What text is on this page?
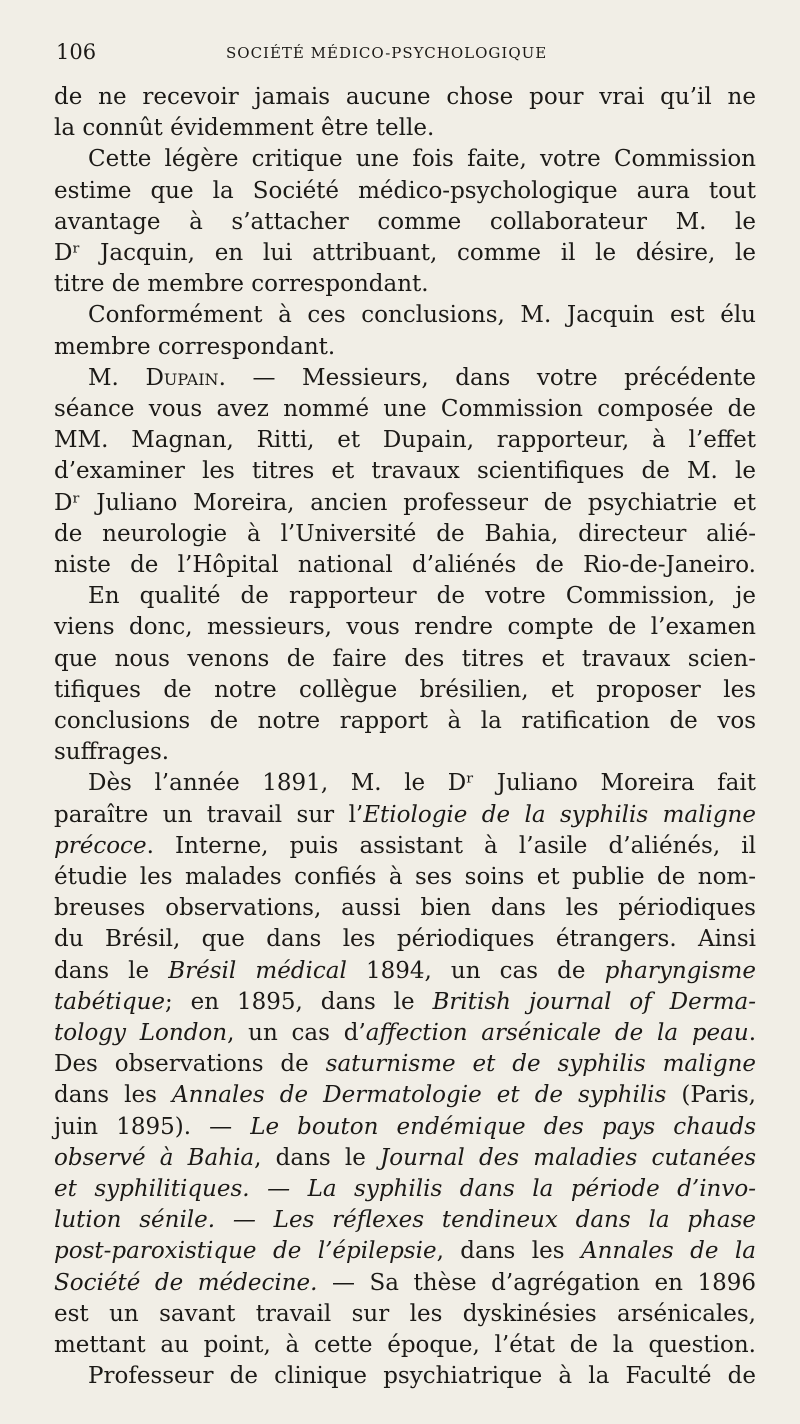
106	SOCIÉTÉ MÉDICO-PSYCHOLOGIQUE
de ne recevoir jamais aucune chose pour vrai qu’il ne
la connût évidemment être telle.
Cette légère critique une fois faite, votre Commission
estime que la Société médico-psychologique aura tout
avantage à s’attacher comme collaborateur M. le
Dʳ Jacquin, en lui attribuant, comme il le désire, le
titre de membre correspondant.
Conformément à ces conclusions, M. Jacquin est élu
membre correspondant.
M. Dupain. — Messieurs, dans votre précédente
séance vous avez nommé une Commission composée de
MM. Magnan, Ritti, et Dupain, rapporteur, à l’effet
d’examiner les titres et travaux scientifiques de M. le
Dʳ Juliano Moreira, ancien professeur de psychiatrie et
de neurologie à l’Université de Bahia, directeur alié-
niste de l’Hôpital national d’aliénés de Rio-de-Janeiro.
En qualité de rapporteur de votre Commission, je
viens donc, messieurs, vous rendre compte de l’examen
que nous venons de faire des titres et travaux scien-
tifiques de notre collègue brésilien, et proposer les
conclusions de notre rapport à la ratification de vos
suffrages.
Dès l’année 1891, M. le Dʳ Juliano Moreira fait
paraître un travail sur l’Etiologie de la syphilis maligne
précoce. Interne, puis assistant à l’asile d’aliénés, il
étudie les malades confiés à ses soins et publie de nom-
breuses observations, aussi bien dans les périodiques
du Brésil, que dans les périodiques étrangers. Ainsi
dans le Brésil médical 1894, un cas de pharyngisme
tabétique; en 1895, dans le British journal of Derma-
tology London, un cas d’affection arsénicale de la peau.
Des observations de saturnisme et de syphilis maligne
dans les Annales de Dermatologie et de syphilis (Paris,
juin 1895). — Le bouton endémique des pays chauds
observé à Bahia, dans le Journal des maladies cutanées
et syphilitiques. — La syphilis dans la période d’invo-
lution sénile. — Les réflexes tendineux dans la phase
post-paroxistique de l’épilepsie, dans les Annales de la
Société de médecine. — Sa thèse d’agrégation en 1896
est un savant travail sur les dyskinésies arsénicales,
mettant au point, à cette époque, l’état de la question.
Professeur de clinique psychiatrique à la Faculté de
